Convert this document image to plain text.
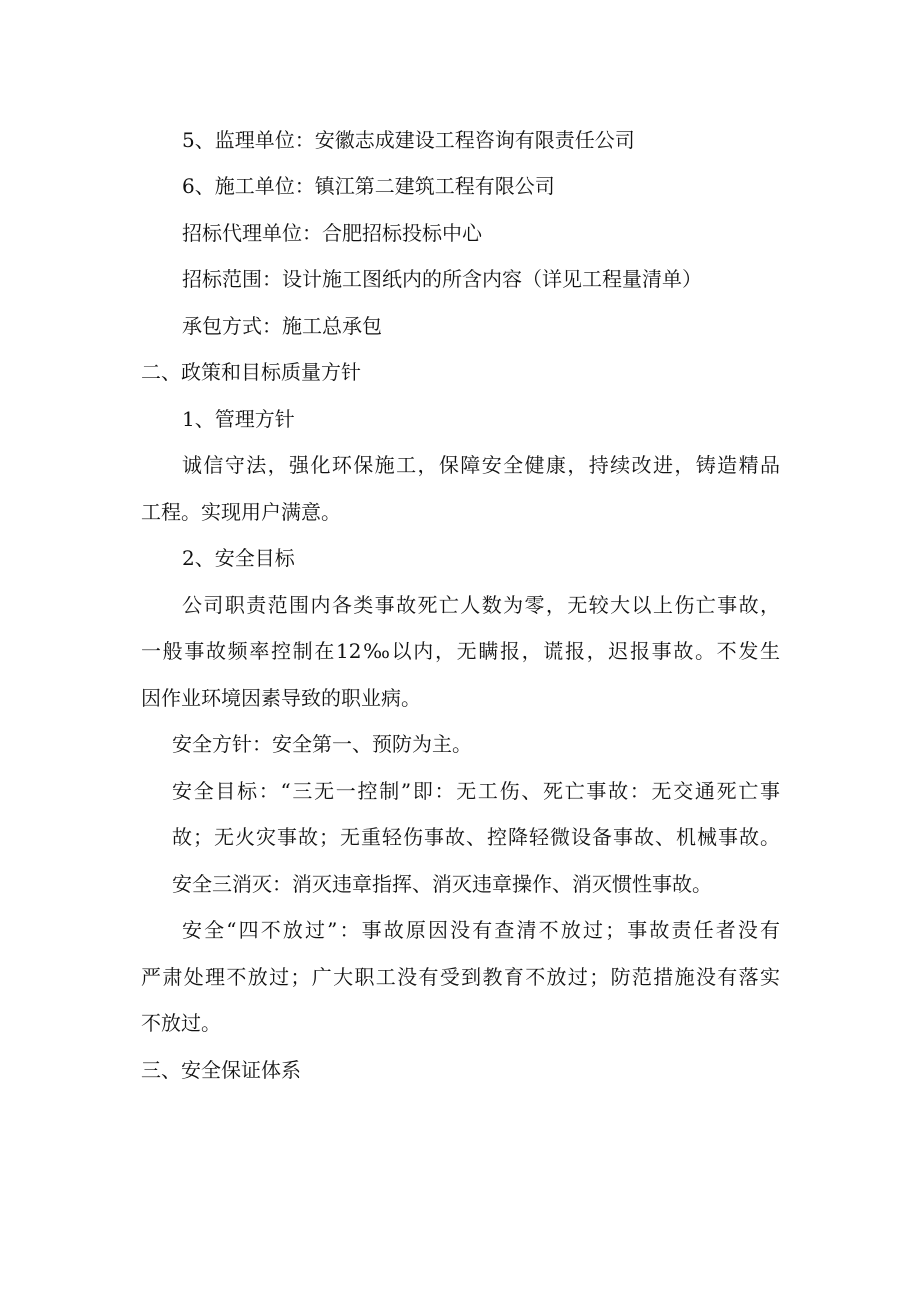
5、监理单位：安徽志成建设工程咨询有限责任公司

6、施工单位：镇江第二建筑工程有限公司

招标代理单位：合肥招标投标中心

招标范围：设计施工图纸内的所含内容（详见工程量清单）

承包方式：施工总承包

二、政策和目标质量方针

1、管理方针

诚信守法，强化环保施工，保障安全健康，持续改进，铸造精品

工程。实现用户满意。

2、安全目标

公司职责范围内各类事故死亡人数为零，无较大以上伤亡事故，

一般事故频率控制在12‰以内，无瞒报，谎报，迟报事故。不发生

因作业环境因素导致的职业病。

安全方针：安全第一、预防为主。

安全目标：“三无一控制”即：无工伤、死亡事故：无交通死亡事

故；无火灾事故；无重轻伤事故、控降轻微设备事故、机械事故。

安全三消灭：消灭违章指挥、消灭违章操作、消灭惯性事故。

安全“四不放过”：事故原因没有查清不放过；事故责任者没有

严肃处理不放过；广大职工没有受到教育不放过；防范措施没有落实

不放过。

三、安全保证体系
